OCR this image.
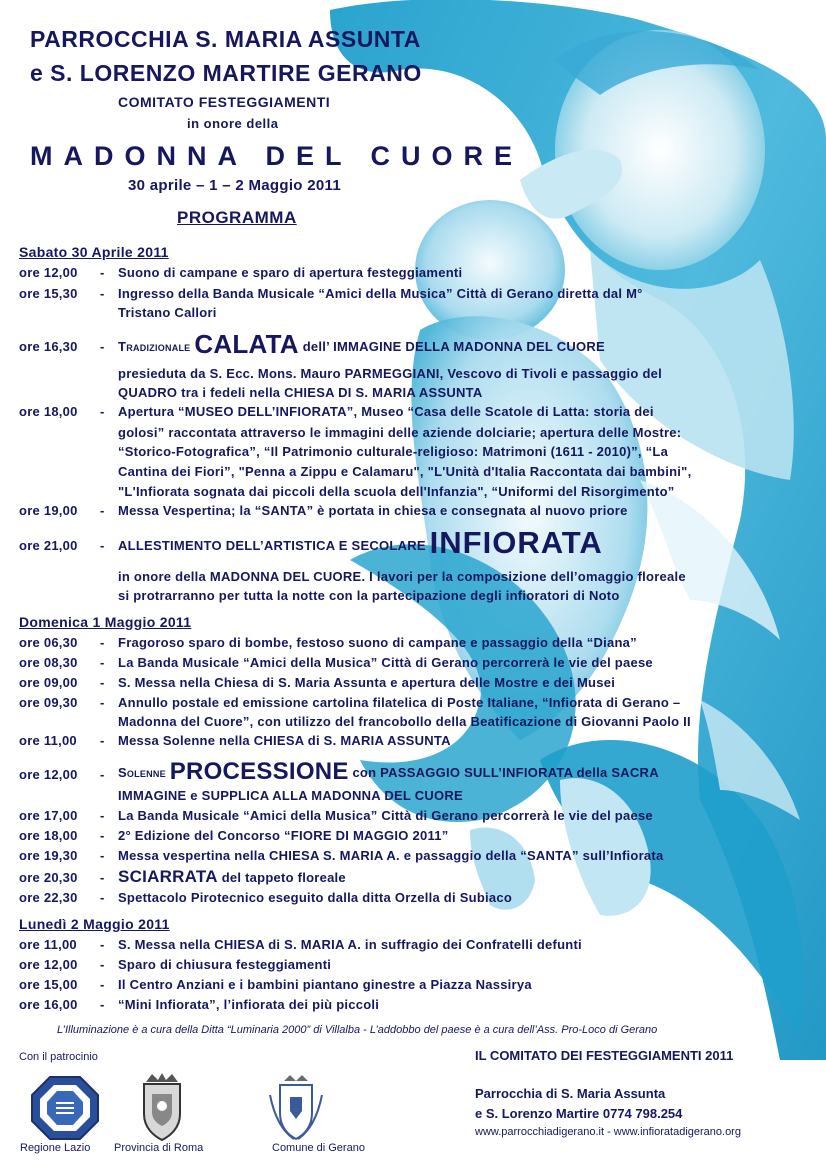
PARROCCHIA S. MARIA ASSUNTA
e S. LORENZO MARTIRE GERANO
COMITATO FESTEGGIAMENTI
in onore della
MADONNA DEL CUORE
30 aprile – 1 – 2 Maggio 2011
PROGRAMMA
Sabato 30 Aprile 2011
ore 12,00 - Suono di campane e sparo di apertura festeggiamenti
ore 15,30 - Ingresso della Banda Musicale “Amici della Musica” Città di Gerano diretta dal M°
Tristano Callori
ore 16,30 - Tradizionale CALATA dell’ IMMAGINE DELLA MADONNA DEL CUORE
presieduta da S. Ecc. Mons. Mauro PARMEGGIANI, Vescovo di Tivoli e passaggio del
QUADRO tra i fedeli nella CHIESA DI S. MARIA ASSUNTA
ore 18,00 - Apertura “MUSEO DELL’INFIORATA”, Museo “Casa delle Scatole di Latta: storia dei
golosi” raccontata attraverso le immagini delle aziende dolciarie; apertura delle Mostre:
“Storico-Fotografica”, “Il Patrimonio culturale-religioso: Matrimoni (1611 - 2010)”, “La
Cantina dei Fiori”, "Penna a Zippu e Calamaru", "L'Unità d'Italia Raccontata dai bambini",
"L'Infiorata sognata dai piccoli della scuola dell'Infanzia", “Uniformi del Risorgimento”
ore 19,00 - Messa Vespertina; la “SANTA” è portata in chiesa e consegnata al nuovo priore
ore 21,00 - ALLESTIMENTO DELL’ARTISTICA E SECOLARE INFIORATA
in onore della MADONNA DEL CUORE. I lavori per la composizione dell’omaggio floreale
si protrarranno per tutta la notte con la partecipazione degli infioratori di Noto
Domenica 1 Maggio 2011
ore 06,30 - Fragoroso sparo di bombe, festoso suono di campane e passaggio della “Diana”
ore 08,30 - La Banda Musicale “Amici della Musica” Città di Gerano percorrerà le vie del paese
ore 09,00 - S. Messa nella Chiesa di S. Maria Assunta e apertura delle Mostre e dei Musei
ore 09,30 - Annullo postale ed emissione cartolina filatelica di Poste Italiane, “Infiorata di Gerano –
Madonna del Cuore”, con utilizzo del francobollo della Beatificazione di Giovanni Paolo II
ore 11,00 - Messa Solenne nella CHIESA di S. MARIA ASSUNTA
ore 12,00 - Solenne PROCESSIONE con PASSAGGIO SULL’INFIORATA della SACRA
IMMAGINE e SUPPLICA ALLA MADONNA DEL CUORE
ore 17,00 - La Banda Musicale “Amici della Musica” Città di Gerano percorrerà le vie del paese
ore 18,00 - 2° Edizione del Concorso “FIORE DI MAGGIO 2011”
ore 19,30 - Messa vespertina nella CHIESA S. MARIA A. e passaggio della “SANTA” sull’Infiorata
ore 20,30 - SCIARRATA del tappeto floreale
ore 22,30 - Spettacolo Pirotecnico eseguito dalla ditta Orzella di Subiaco
Lunedì 2 Maggio 2011
ore 11,00 - S. Messa nella CHIESA di S. MARIA A. in suffragio dei Confratelli defunti
ore 12,00 - Sparo di chiusura festeggiamenti
ore 15,00 - Il Centro Anziani e i bambini piantano ginestre a Piazza Nassirya
ore 16,00 - “Mini Infiorata”, l’infiorata dei più piccoli
L’Illuminazione è a cura della Ditta “Luminaria 2000” di Villalba - L’addobbo del paese è a cura dell’Ass. Pro-Loco di Gerano
Con il patrocinio
Regione Lazio Provincia di Roma	Comune di Gerano
IL COMITATO DEI FESTEGGIAMENTI 2011
Parrocchia di S. Maria Assunta
e S. Lorenzo Martire 0774 798.254
www.parrocchiadigerano.it - www.infioratadigerano.org
